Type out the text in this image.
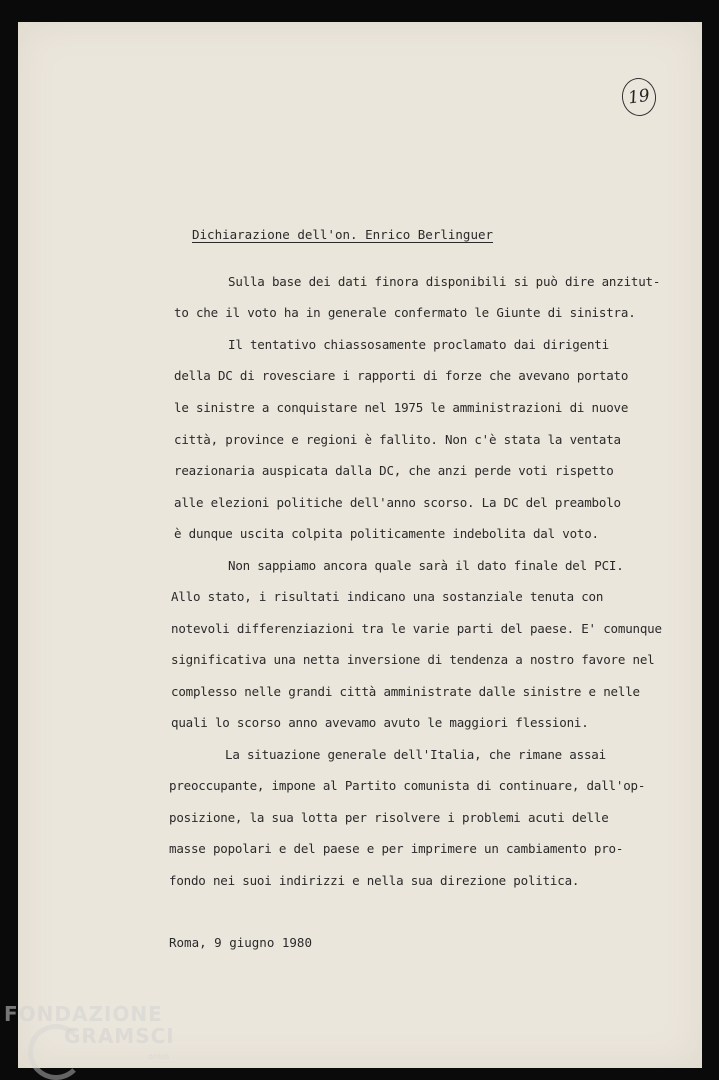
19
Dichiarazione dell'on. Enrico Berlinguer
Sulla base dei dati finora disponibili si può dire anzitut-
to che il voto ha in generale confermato le Giunte di sinistra.
Il tentativo chiassosamente proclamato dai dirigenti
della DC di rovesciare i rapporti di forze che avevano portato
le sinistre a conquistare nel 1975 le amministrazioni di nuove
città, province e regioni è fallito. Non c'è stata la ventata
reazionaria auspicata dalla DC, che anzi perde voti rispetto
alle elezioni politiche dell'anno scorso. La DC del preambolo
è dunque uscita colpita politicamente indebolita dal voto.
Non sappiamo ancora quale sarà il dato finale del PCI.
Allo stato, i risultati indicano una sostanziale tenuta con
notevoli differenziazioni tra le varie parti del paese. E' comunque
significativa una netta inversione di tendenza a nostro favore nel
complesso nelle grandi città amministrate dalle sinistre e nelle
quali lo scorso anno avevamo avuto le maggiori flessioni.
La situazione generale dell'Italia, che rimane assai
preoccupante, impone al Partito comunista di continuare, dall'op-
posizione, la sua lotta per risolvere i problemi acuti delle
masse popolari e del paese e per imprimere un cambiamento pro-
fondo nei suoi indirizzi e nella sua direzione politica.
Roma, 9 giugno 1980
FONDAZIONE
GRAMSCI
onlus
